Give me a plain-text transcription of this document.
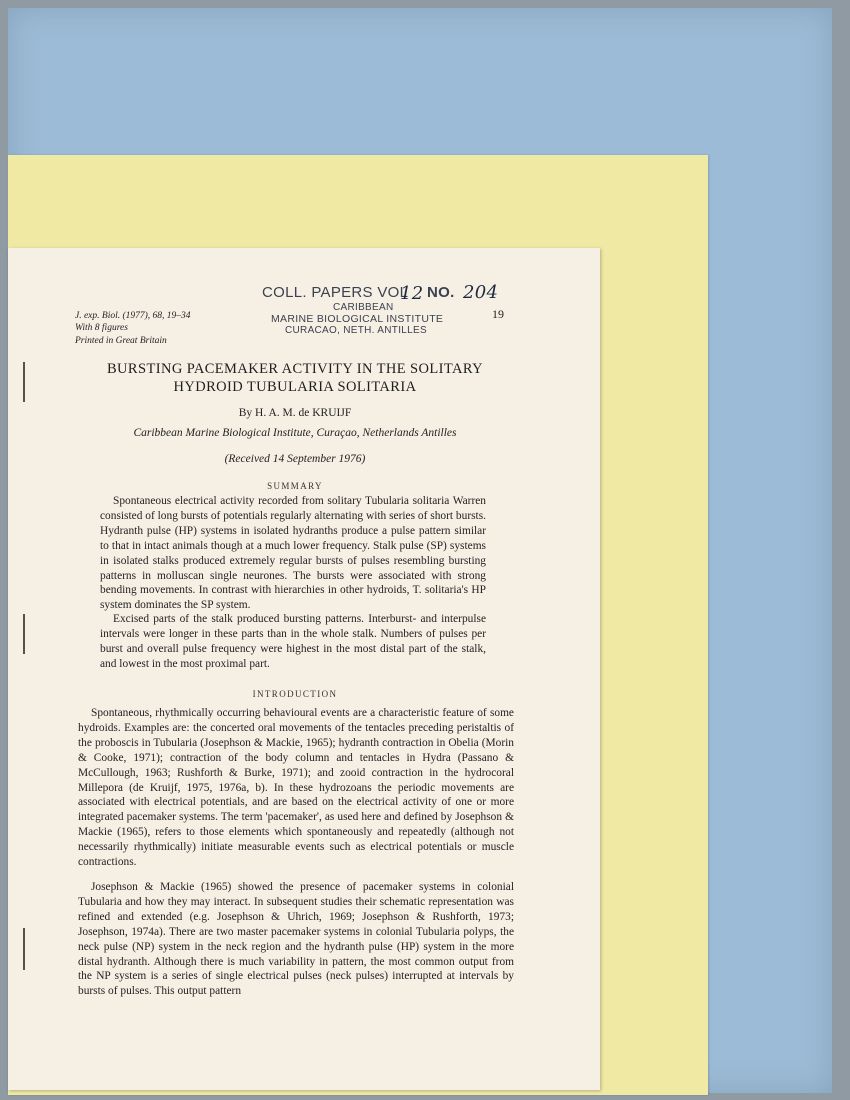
COLL. PAPERS VOL
12 NO. 204
CARIBBEAN
MARINE BIOLOGICAL INSTITUTE
CURACAO, NETH. ANTILLES
J. exp. Biol. (1977), 68, 19–34
With 8 figures
Printed in Great Britain
19
BURSTING PACEMAKER ACTIVITY IN THE SOLITARY
HYDROID TUBULARIA SOLITARIA
By H. A. M. de KRUIJF
Caribbean Marine Biological Institute, Curaçao, Netherlands Antilles
(Received 14 September 1976)
SUMMARY

Spontaneous electrical activity recorded from solitary Tubularia solitaria Warren consisted of long bursts of potentials regularly alternating with series of short bursts. Hydranth pulse (HP) systems in isolated hydranths produce a pulse pattern similar to that in intact animals though at a much lower frequency. Stalk pulse (SP) systems in isolated stalks produced extremely regular bursts of pulses resembling bursting patterns in molluscan single neurones. The bursts were associated with strong bending movements. In contrast with hierarchies in other hydroids, T. solitaria's HP system dominates the SP system.

Excised parts of the stalk produced bursting patterns. Interburst- and interpulse intervals were longer in these parts than in the whole stalk. Numbers of pulses per burst and overall pulse frequency were highest in the most distal part of the stalk, and lowest in the most proximal part.

INTRODUCTION

Spontaneous, rhythmically occurring behavioural events are a characteristic feature of some hydroids. Examples are: the concerted oral movements of the tentacles preceding peristaltis of the proboscis in Tubularia (Josephson & Mackie, 1965); hydranth contraction in Obelia (Morin & Cooke, 1971); contraction of the body column and tentacles in Hydra (Passano & McCullough, 1963; Rushforth & Burke, 1971); and zooid contraction in the hydrocoral Millepora (de Kruijf, 1975, 1976a, b). In these hydrozoans the periodic movements are associated with electrical potentials, and are based on the electrical activity of one or more integrated pacemaker systems. The term 'pacemaker', as used here and defined by Josephson & Mackie (1965), refers to those elements which spontaneously and repeatedly (although not necessarily rhythmically) initiate measurable events such as electrical potentials or muscle contractions.

Josephson & Mackie (1965) showed the presence of pacemaker systems in colonial Tubularia and how they may interact. In subsequent studies their schematic representation was refined and extended (e.g. Josephson & Uhrich, 1969; Josephson & Rushforth, 1973; Josephson, 1974a). There are two master pacemaker systems in colonial Tubularia polyps, the neck pulse (NP) system in the neck region and the hydranth pulse (HP) system in the more distal hydranth. Although there is much variability in pattern, the most common output from the NP system is a series of single electrical pulses (neck pulses) interrupted at intervals by bursts of pulses. This output pattern
